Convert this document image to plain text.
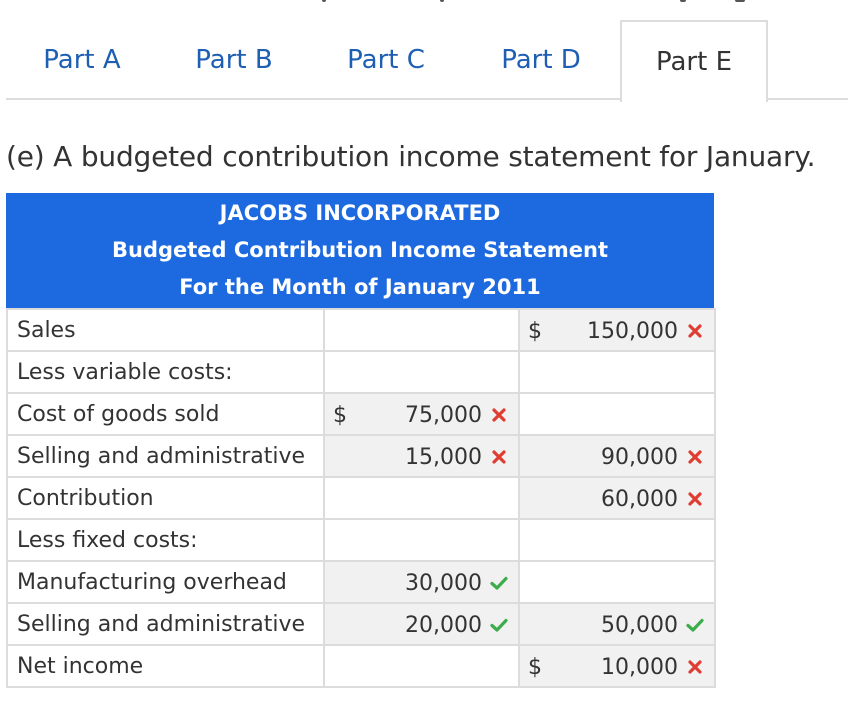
Part A	Part B	Part C	Part D	Part E
(e) A budgeted contribution income statement for January.
JACOBS INCORPORATED
Budgeted Contribution Income Statement
For the Month of January 2011
Sales		$ 150,000

Less variable costs:		
Cost of goods sold	$ 75,000	

Selling and administrative	15,000	90,000

Contribution		60,000

Less fixed costs:		
Manufacturing overhead	30,000	

Selling and administrative	20,000	50,000

Net income		$ 10,000
